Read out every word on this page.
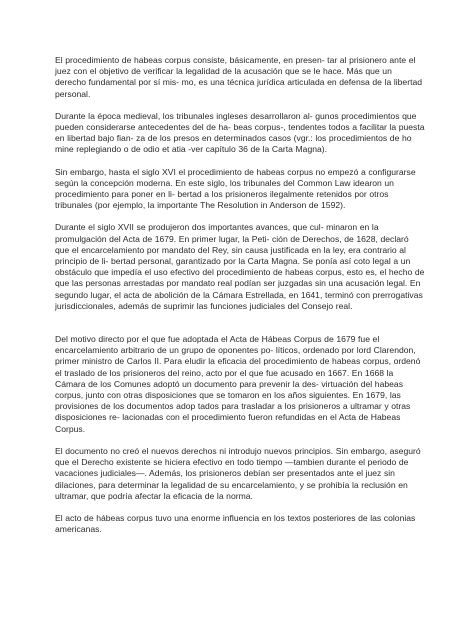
El procedimiento de habeas corpus consiste, básicamente, en presen- tar al prisionero ante el juez con el objetivo de verificar la legalidad de la acusación que se le hace. Más que un derecho fundamental por sí mis- mo, es una técnica jurídica articulada en defensa de la libertad personal.

Durante la época medieval, los tribunales ingleses desarrollaron al- gunos procedimientos que pueden considerarse antecedentes del de ha- beas corpus-, tendentes todos a facilitar la puesta en libertad bajo fian- za de los presos en determinados casos (vgr.: los procedimientos de ho mine replegiando o de odio et atia -ver capítulo 36 de la Carta Magna).

Sin embargo, hasta el siglo XVI el procedimiento de habeas corpus no empezó a configurarse según la concepción moderna. En este siglo, los tribunales del Common Law idearon un procedimiento para poner en li- bertad a los prisioneros ilegalmente retenidos por otros tribunales (por ejemplo, la importante The Resolution in Anderson de 1592).

Durante el siglo XVII se produjeron dos importantes avances, que cul- minaron en la promulgación del Acta de 1679. En primer lugar, la Peti- ción de Derechos, de 1628, declaró que el encarcelamiento por mandato del Rey, sin causa justificada en la ley, era contrario al principio de li- bertad personal, garantizado por la Carta Magna. Se ponía así coto legal a un obstáculo que impedía el uso efectivo del procedimiento de habeas corpus, esto es, el hecho de que las personas arrestadas por mandato real podían ser juzgadas sin una acusación legal. En segundo lugar, el acta de abolición de la Cámara Estrellada, en 1641, terminó con prerrogativas jurisdiccionales, además de suprimir las funciones judiciales del Consejo real.

Del motivo directo por el que fue adoptada el Acta de Hábeas Corpus de 1679 fue el encarcelamiento arbitrario de un grupo de oponentes po- líticos, ordenado por lord Clarendon, primer ministro de Carlos II. Para eludir la eficacia del procedimiento de habeas corpus, ordenó el traslado de los prisioneros del reino, acto por el que fue acusado en 1667. En 1668 la Cámara de los Comunes adoptó un documento para prevenir la des- virtuación del habeas corpus, junto con otras disposiciones que se tomaron en los años siguientes. En 1679, las provisiones de los documentos adop tados para trasladar a los prisioneros a ultramar y otras disposiciones re- lacionadas con el procedimiento fueron refundidas en el Acta de Habeas Corpus.

El documento no creó el nuevos derechos ni introdujo nuevos principios. Sin embargo, aseguró que el Derecho existente se hiciera efectivo en todo tiempo —tambien durante el periodo de vacaciones judiciales—. Además, los prisioneros debían ser presentados ante el juez sin dilaciones, para determinar la legalidad de su encarcelamiento, y se prohibía la reclusión en ultramar, que podría afectar la eficacia de la norma.

El acto de hábeas corpus tuvo una enorme influencia en los textos posteriores de las colonias americanas.
